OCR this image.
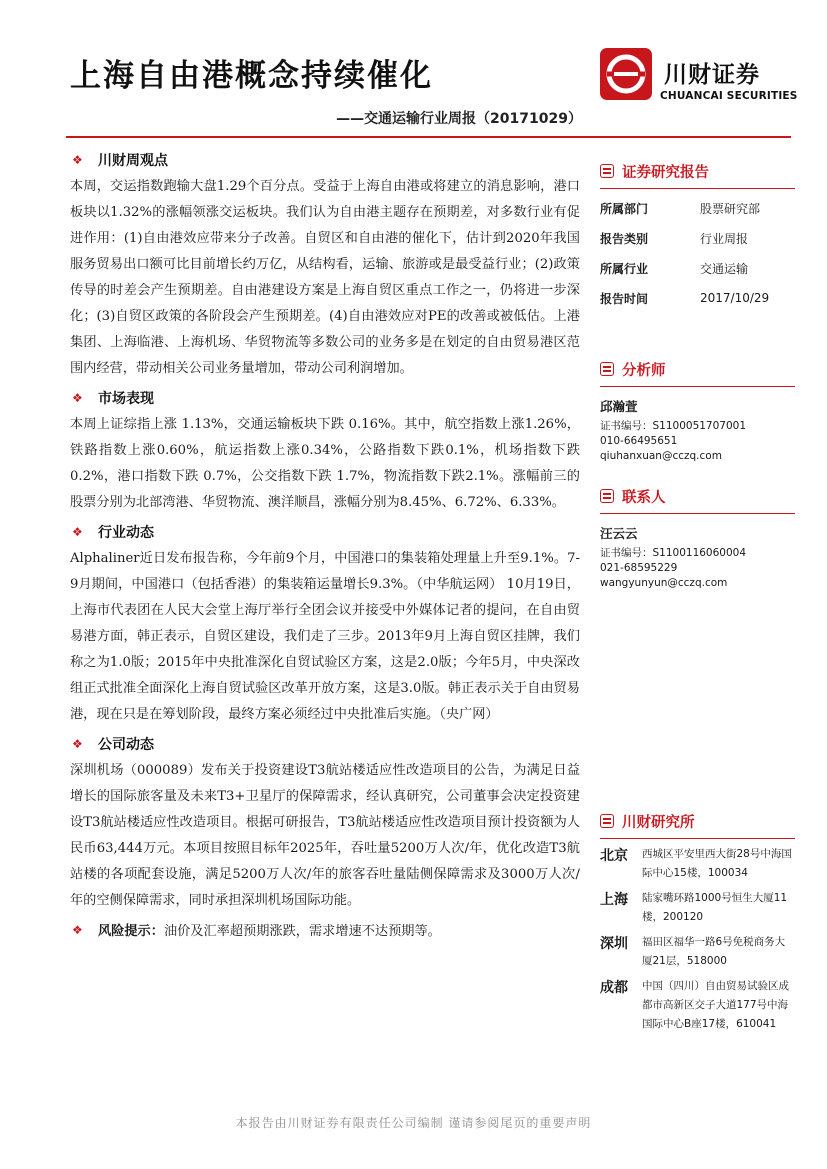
上海自由港概念持续催化
——交通运输行业周报（20171029）
川财证券
CHUANCAI SECURITIES
❖	川财周观点

本周，交运指数跑输大盘1.29个百分点。受益于上海自由港或将建立的消息影响，港口板块以1.32%的涨幅领涨交运板块。我们认为自由港主题存在预期差，对多数行业有促进作用：(1)自由港效应带来分子改善。自贸区和自由港的催化下，估计到2020年我国服务贸易出口额可比目前增长约万亿，从结构看，运输、旅游或是最受益行业；(2)政策传导的时差会产生预期差。自由港建设方案是上海自贸区重点工作之一，仍将进一步深化；(3)自贸区政策的各阶段会产生预期差。(4)自由港效应对PE的改善或被低估。上港集团、上海临港、上海机场、华贸物流等多数公司的业务多是在划定的自由贸易港区范围内经营，带动相关公司业务量增加，带动公司利润增加。

❖	市场表现

本周上证综指上涨 1.13%，交通运输板块下跌 0.16%。其中，航空指数上涨1.26%，铁路指数上涨0.60%，航运指数上涨0.34%，公路指数下跌0.1%，机场指数下跌 0.2%，港口指数下跌 0.7%，公交指数下跌 1.7%，物流指数下跌2.1%。涨幅前三的股票分别为北部湾港、华贸物流、澳洋顺昌，涨幅分别为8.45%、6.72%、6.33%。

❖	行业动态

Alphaliner近日发布报告称，今年前9个月，中国港口的集装箱处理量上升至9.1%。7-9月期间，中国港口（包括香港）的集装箱运量增长9.3%。（中华航运网） 10月19日，上海市代表团在人民大会堂上海厅举行全团会议并接受中外媒体记者的提问，在自由贸易港方面，韩正表示，自贸区建设，我们走了三步。2013年9月上海自贸区挂牌，我们称之为1.0版；2015年中央批准深化自贸试验区方案，这是2.0版；今年5月，中央深改组正式批准全面深化上海自贸试验区改革开放方案，这是3.0版。韩正表示关于自由贸易港，现在只是在筹划阶段，最终方案必须经过中央批准后实施。（央广网）

❖	公司动态

深圳机场（000089）发布关于投资建设T3航站楼适应性改造项目的公告，为满足日益增长的国际旅客量及未来T3+卫星厅的保障需求，经认真研究，公司董事会决定投资建设T3航站楼适应性改造项目。根据可研报告，T3航站楼适应性改造项目预计投资额为人民币63,444万元。本项目按照目标年2025年，吞吐量5200万人次/年，优化改造T3航站楼的各项配套设施，满足5200万人次/年的旅客吞吐量陆侧保障需求及3000万人次/年的空侧保障需求，同时承担深圳机场国际功能。

❖	风险提示： 油价及汇率超预期涨跌，需求增速不达预期等。
证券研究报告
所属部门	股票研究部
报告类别	行业周报
所属行业	交通运输
报告时间	2017/10/29
分析师
邱瀚萱
证书编号：S1100051707001
010-66495651
qiuhanxuan@cczq.com
联系人
汪云云
证书编号：S1100116060004
021-68595229
wangyunyun@cczq.com
川财研究所
北京	西城区平安里西大街28号中海国际中心15楼，100034
上海	陆家嘴环路1000号恒生大厦11楼，200120
深圳	福田区福华一路6号免税商务大厦21层，518000
成都	中国（四川）自由贸易试验区成都市高新区交子大道177号中海国际中心B座17楼，610041
本报告由川财证券有限责任公司编制 谨请参阅尾页的重要声明
